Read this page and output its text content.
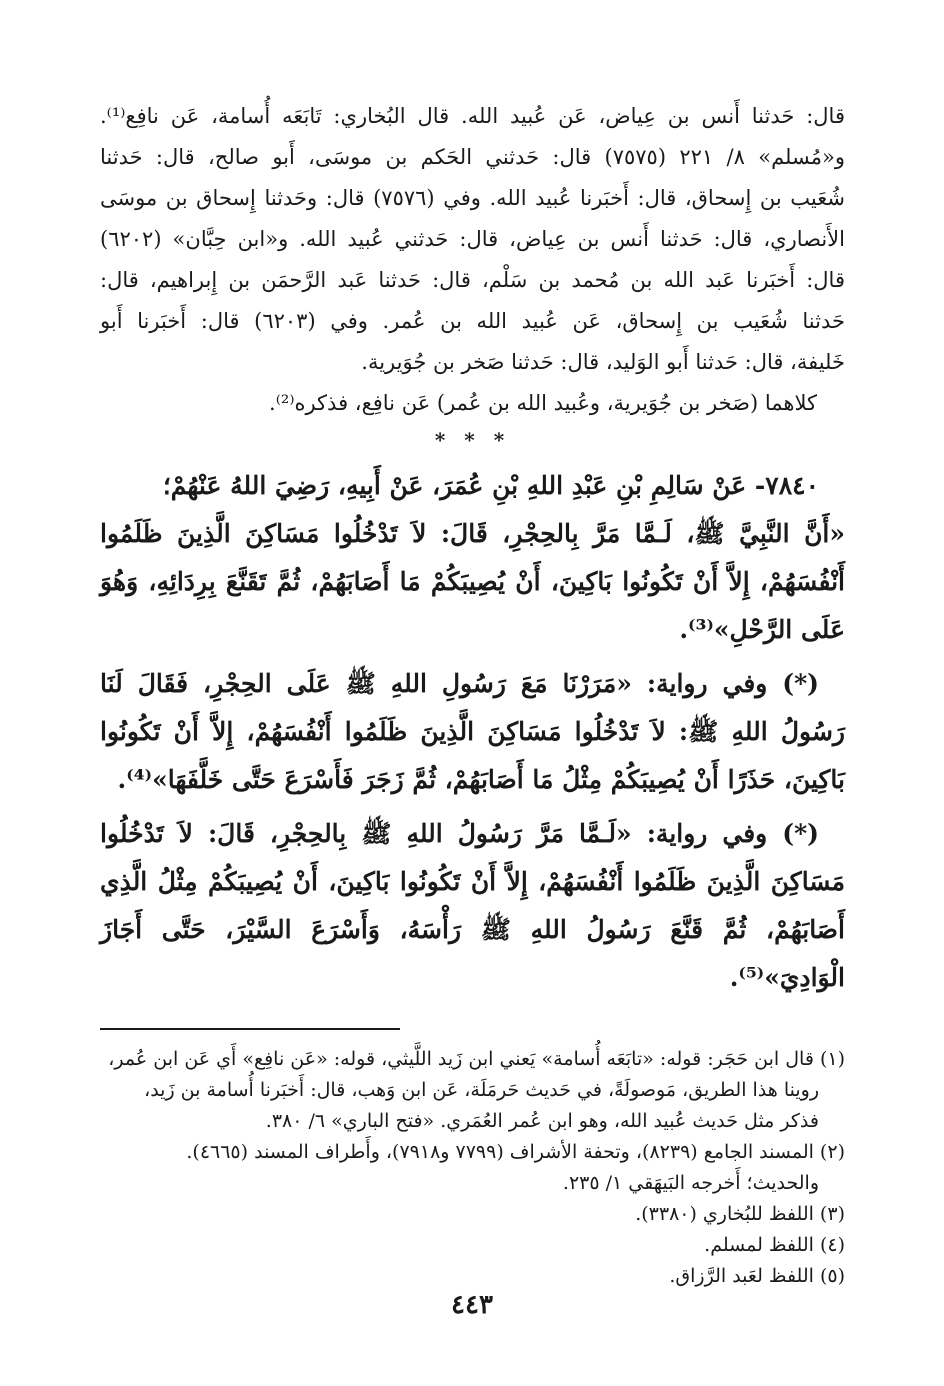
قال: حَدثنا أَنس بن عِياض، عَن عُبيد الله. قال البُخاري: تَابَعَه أُسامة، عَن نافِع⁽¹⁾.

و«مُسلم» ٨/ ٢٢١ (٧٥٧٥) قال: حَدثني الحَكم بن موسَى، أَبو صالح، قال: حَدثنا

شُعَيب بن إِسحاق، قال: أَخبَرنا عُبيد الله. وفي (٧٥٧٦) قال: وحَدثنا إِسحاق بن موسَى

الأَنصاري، قال: حَدثنا أَنس بن عِياض، قال: حَدثني عُبيد الله. و«ابن حِبَّان» (٦٢٠٢)

قال: أَخبَرنا عَبد الله بن مُحمد بن سَلْم، قال: حَدثنا عَبد الرَّحمَن بن إِبراهيم، قال:

حَدثنا شُعَيب بن إِسحاق، عَن عُبيد الله بن عُمر. وفي (٦٢٠٣) قال: أَخبَرنا أَبو

خَليفة، قال: حَدثنا أَبو الوَليد، قال: حَدثنا صَخر بن جُوَيرية.

كلاهما (صَخر بن جُوَيرية، وعُبيد الله بن عُمر) عَن نافِع، فذكره⁽²⁾.

* * *

٧٨٤٠- عَنْ سَالِمِ بْنِ عَبْدِ اللهِ بْنِ عُمَرَ، عَنْ أَبِيهِ، رَضِيَ اللهُ عَنْهُمْ؛

«أَنَّ النَّبِيَّ ﷺ، لَـمَّا مَرَّ بِالحِجْرِ، قَالَ: لاَ تَدْخُلُوا مَسَاكِنَ الَّذِينَ ظَلَمُوا أَنْفُسَهُمْ، إِلاَّ أَنْ تَكُونُوا بَاكِينَ، أَنْ يُصِيبَكُمْ مَا أَصَابَهُمْ، ثُمَّ تَقَنَّعَ بِرِدَائِهِ، وَهُوَ عَلَى الرَّحْلِ»⁽³⁾.

(*) وفي رواية: «مَرَرْنَا مَعَ رَسُولِ اللهِ ﷺ عَلَى الحِجْرِ، فَقَالَ لَنَا رَسُولُ اللهِ ﷺ: لاَ تَدْخُلُوا مَسَاكِنَ الَّذِينَ ظَلَمُوا أَنْفُسَهُمْ، إِلاَّ أَنْ تَكُونُوا بَاكِينَ، حَذَرًا أَنْ يُصِيبَكُمْ مِثْلُ مَا أَصَابَهُمْ، ثُمَّ زَجَرَ فَأَسْرَعَ حَتَّى خَلَّفَهَا»⁽⁴⁾.

(*) وفي رواية: «لَـمَّا مَرَّ رَسُولُ اللهِ ﷺ بِالحِجْرِ، قَالَ: لاَ تَدْخُلُوا مَسَاكِنَ الَّذِينَ ظَلَمُوا أَنْفُسَهُمْ، إِلاَّ أَنْ تَكُونُوا بَاكِينَ، أَنْ يُصِيبَكُمْ مِثْلُ الَّذِي أَصَابَهُمْ، ثُمَّ قَنَّعَ رَسُولُ اللهِ ﷺ رَأْسَهُ، وَأَسْرَعَ السَّيْرَ، حَتَّى أَجَازَ الْوَادِيَ»⁽⁵⁾.

(١) قال ابن حَجَر: قوله: «تابَعَه أُسامة» يَعني ابن زَيد اللَّيثي، قوله: «عَن نافِع» أَي عَن ابن عُمر،

روينا هذا الطريق، مَوصولَةً، في حَديث حَرمَلَة، عَن ابن وَهب، قال: أَخبَرنا أُسامة بن زَيد،

فذكر مثل حَديث عُبيد الله، وهو ابن عُمر العُمَري. «فتح الباري» ٦/ ٣٨٠.

(٢) المسند الجامع (٨٢٣٩)، وتحفة الأشراف (٧٧٩٩ و٧٩١٨)، وأَطراف المسند (٤٦٦٥).

والحديث؛ أَخرجه البَيهَقي ١/ ٢٣٥.

(٣) اللفظ للبُخاري (٣٣٨٠).

(٤) اللفظ لمسلم.

(٥) اللفظ لعَبد الرَّزاق.

٤٤٣
